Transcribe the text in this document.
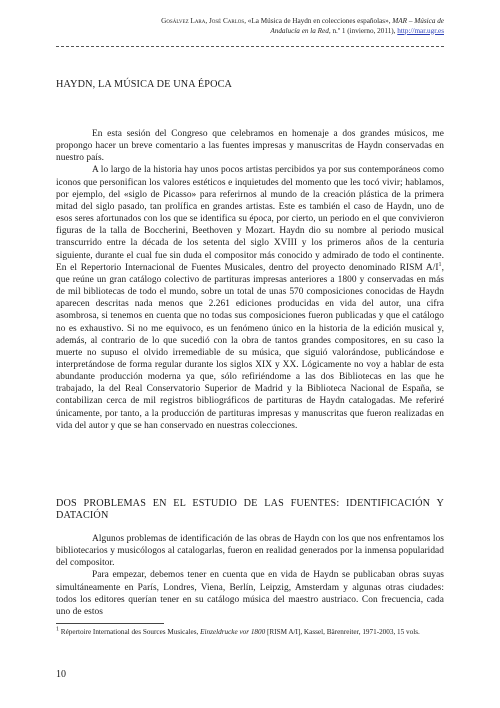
Gosálvez Lara, José Carlos, «La Música de Haydn en colecciones españolas», MAR – Música de Andalucía en la Red, n.º 1 (invierno, 2011), http://mar.ugr.es
HAYDN, LA MÚSICA DE UNA ÉPOCA

En esta sesión del Congreso que celebramos en homenaje a dos grandes músicos, me propongo hacer un breve comentario a las fuentes impresas y manuscritas de Haydn conservadas en nuestro país.

A lo largo de la historia hay unos pocos artistas percibidos ya por sus contemporáneos como iconos que personifican los valores estéticos e inquietudes del momento que les tocó vivir; hablamos, por ejemplo, del «siglo de Picasso» para referirnos al mundo de la creación plástica de la primera mitad del siglo pasado, tan prolífica en grandes artistas. Este es también el caso de Haydn, uno de esos seres afortunados con los que se identifica su época, por cierto, un periodo en el que convivieron figuras de la talla de Boccherini, Beethoven y Mozart. Haydn dio su nombre al periodo musical transcurrido entre la década de los setenta del siglo XVIII y los primeros años de la centuria siguiente, durante el cual fue sin duda el compositor más conocido y admirado de todo el continente. En el Repertorio Internacional de Fuentes Musicales, dentro del proyecto denominado RISM $A/I^1$, que reúne un gran catálogo colectivo de partituras impresas anteriores a 1800 y conservadas en más de mil bibliotecas de todo el mundo, sobre un total de unas 570 composiciones conocidas de Haydn aparecen descritas nada menos que 2.261 ediciones producidas en vida del autor, una cifra asombrosa, si tenemos en cuenta que no todas sus composiciones fueron publicadas y que el catálogo no es exhaustivo. Si no me equivoco, es un fenómeno único en la historia de la edición musical y, además, al contrario de lo que sucedió con la obra de tantos grandes compositores, en su caso la muerte no supuso el olvido irremediable de su música, que siguió valorándose, publicándose e interpretándose de forma regular durante los siglos XIX y XX. Lógicamente no voy a hablar de esta abundante producción moderna ya que, sólo refiriéndome a las dos Bibliotecas en las que he trabajado, la del Real Conservatorio Superior de Madrid y la Biblioteca Nacional de España, se contabilizan cerca de mil registros bibliográficos de partituras de Haydn catalogadas. Me referiré únicamente, por tanto, a la producción de partituras impresas y manuscritas que fueron realizadas en vida del autor y que se han conservado en nuestras colecciones.

DOS PROBLEMAS EN EL ESTUDIO DE LAS FUENTES: IDENTIFICACIÓN Y DATACIÓN

Algunos problemas de identificación de las obras de Haydn con los que nos enfrentamos los bibliotecarios y musicólogos al catalogarlas, fueron en realidad generados por la inmensa popularidad del compositor.

Para empezar, debemos tener en cuenta que en vida de Haydn se publicaban obras suyas simultáneamente en París, Londres, Viena, Berlín, Leipzig, Amsterdam y algunas otras ciudades: todos los editores querían tener en su catálogo música del maestro austriaco. Con frecuencia, cada uno de estos

$^1$ Répertoire International des Sources Musicales, Einzeldrucke vor 1800 [RISM A/I], Kassel, Bärenreiter, 1971-2003, 15 vols.
10
